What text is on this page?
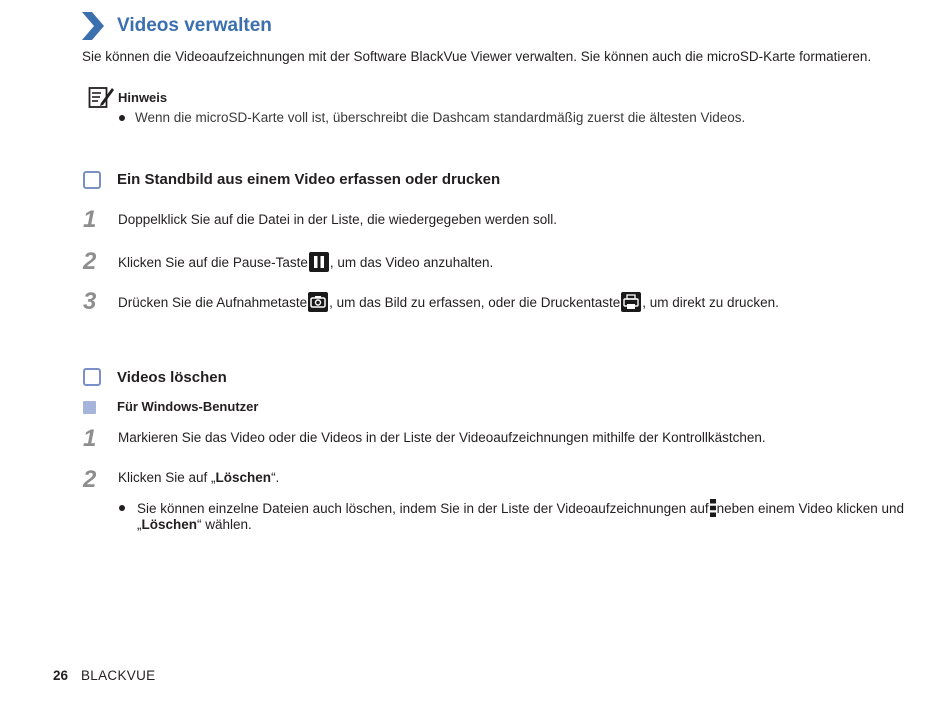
Videos verwalten
Sie können die Videoaufzeichnungen mit der Software BlackVue Viewer verwalten. Sie können auch die microSD-Karte formatieren.
Hinweis
Wenn die microSD-Karte voll ist, überschreibt die Dashcam standardmäßig zuerst die ältesten Videos.
Ein Standbild aus einem Video erfassen oder drucken
1	Doppelklick Sie auf die Datei in der Liste, die wiedergegeben werden soll.
2	Klicken Sie auf die Pause-Taste , um das Video anzuhalten.
3	Drücken Sie die Aufnahmetaste , um das Bild zu erfassen, oder die Druckentaste , um direkt zu drucken.
Videos löschen
Für Windows-Benutzer
1	Markieren Sie das Video oder die Videos in der Liste der Videoaufzeichnungen mithilfe der Kontrollkästchen.
2	Klicken Sie auf „ Löschen “.
Sie können einzelne Dateien auch löschen, indem Sie in der Liste der Videoaufzeichnungen auf neben einem Video klicken und
„ Löschen “ wählen.
26 BLACKVUE
